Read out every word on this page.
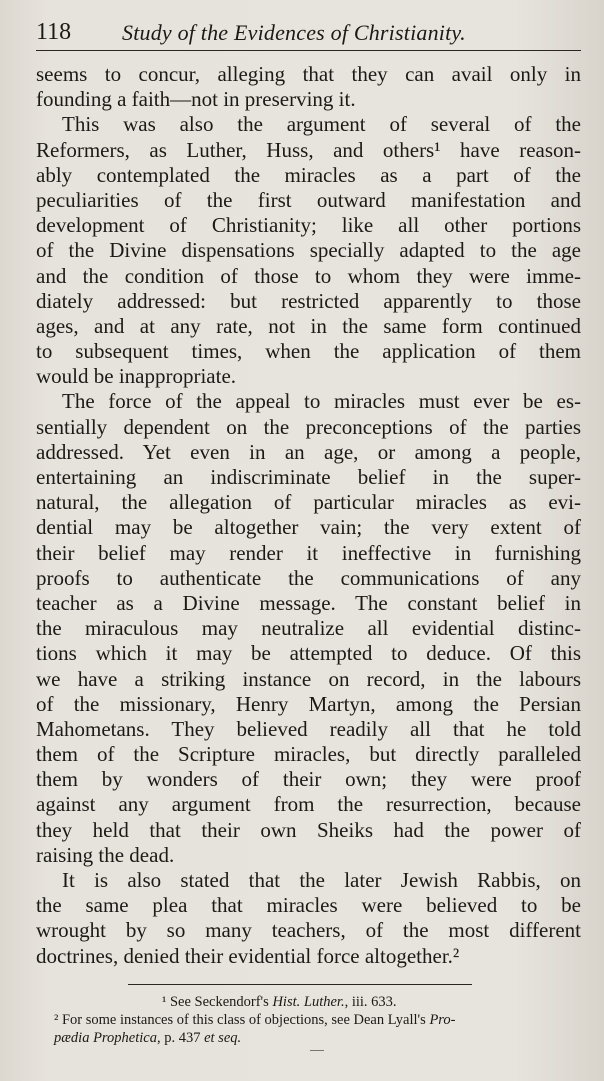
118 Study of the Evidences of Christianity.
seems to concur, alleging that they can avail only in
founding a faith—not in preserving it.
This was also the argument of several of the
Reformers, as Luther, Huss, and others¹ have reason-
ably contemplated the miracles as a part of the
peculiarities of the first outward manifestation and
development of Christianity; like all other portions
of the Divine dispensations specially adapted to the age
and the condition of those to whom they were imme-
diately addressed: but restricted apparently to those
ages, and at any rate, not in the same form continued
to subsequent times, when the application of them
would be inappropriate.
The force of the appeal to miracles must ever be es-
sentially dependent on the preconceptions of the parties
addressed. Yet even in an age, or among a people,
entertaining an indiscriminate belief in the super-
natural, the allegation of particular miracles as evi-
dential may be altogether vain; the very extent of
their belief may render it ineffective in furnishing
proofs to authenticate the communications of any
teacher as a Divine message. The constant belief in
the miraculous may neutralize all evidential distinc-
tions which it may be attempted to deduce. Of this
we have a striking instance on record, in the labours
of the missionary, Henry Martyn, among the Persian
Mahometans. They believed readily all that he told
them of the Scripture miracles, but directly paralleled
them by wonders of their own; they were proof
against any argument from the resurrection, because
they held that their own Sheiks had the power of
raising the dead.
It is also stated that the later Jewish Rabbis, on
the same plea that miracles were believed to be
wrought by so many teachers, of the most different
doctrines, denied their evidential force altogether.²
¹ See Seckendorf's Hist. Luther., iii. 633.
² For some instances of this class of objections, see Dean Lyall's Pro-
pædia Prophetica, p. 437 et seq.
